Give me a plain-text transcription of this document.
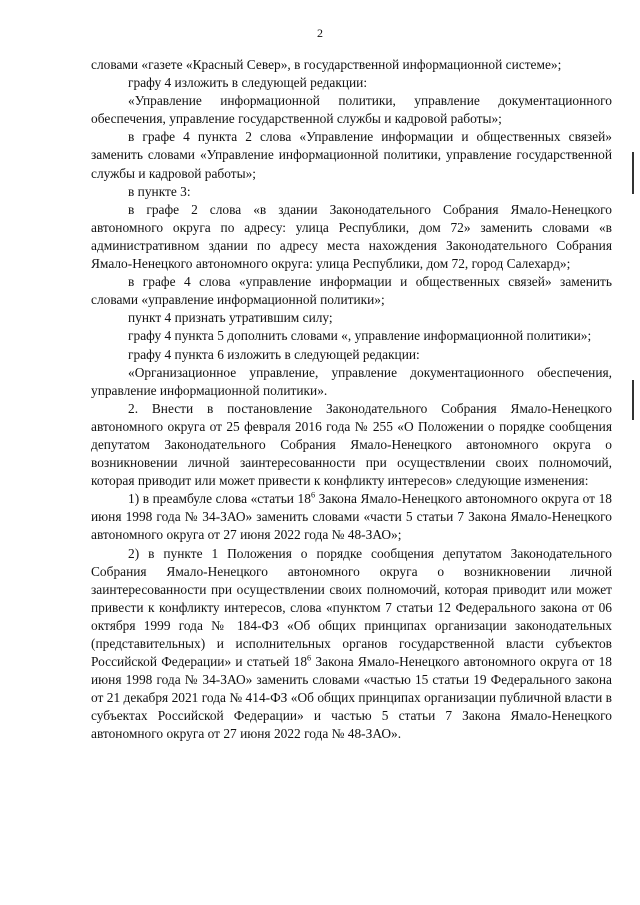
2

словами «газете «Красный Север», в государственной информационной системе»;

графу 4 изложить в следующей редакции:

«Управление информационной политики, управление документационного обеспечения, управление государственной службы и кадровой работы»;

в графе 4 пункта 2 слова «Управление информации и общественных связей» заменить словами «Управление информационной политики, управление государственной службы и кадровой работы»;

в пункте 3:

в графе 2 слова «в здании Законодательного Собрания Ямало-Ненецкого автономного округа по адресу: улица Республики, дом 72» заменить словами «в административном здании по адресу места нахождения Законодательного Собрания Ямало-Ненецкого автономного округа: улица Республики, дом 72, город Салехард»;

в графе 4 слова «управление информации и общественных связей» заменить словами «управление информационной политики»;

пункт 4 признать утратившим силу;

графу 4 пункта 5 дополнить словами «, управление информационной политики»;

графу 4 пункта 6 изложить в следующей редакции:

«Организационное управление, управление документационного обеспечения, управление информационной политики».

2. Внести в постановление Законодательного Собрания Ямало-Ненецкого автономного округа от 25 февраля 2016 года № 255 «О Положении о порядке сообщения депутатом Законодательного Собрания Ямало-Ненецкого автономного округа о возникновении личной заинтересованности при осуществлении своих полномочий, которая приводит или может привести к конфликту интересов» следующие изменения:

1) в преамбуле слова «статьи $18^6$ Закона Ямало-Ненецкого автономного округа от 18 июня 1998 года № 34-ЗАО» заменить словами «части 5 статьи 7 Закона Ямало-Ненецкого автономного округа от 27 июня 2022 года № 48-ЗАО»;

2) в пункте 1 Положения о порядке сообщения депутатом Законодательного Собрания Ямало-Ненецкого автономного округа о возникновении личной заинтересованности при осуществлении своих полномочий, которая приводит или может привести к конфликту интересов, слова «пунктом 7 статьи 12 Федерального закона от 06 октября 1999 года № 184-ФЗ «Об общих принципах организации законодательных (представительных) и исполнительных органов государственной власти субъектов Российской Федерации» и статьей $18^6$ Закона Ямало-Ненецкого автономного округа от 18 июня 1998 года № 34-ЗАО» заменить словами «частью 15 статьи 19 Федерального закона от 21 декабря 2021 года № 414-ФЗ «Об общих принципах организации публичной власти в субъектах Российской Федерации» и частью 5 статьи 7 Закона Ямало-Ненецкого автономного округа от 27 июня 2022 года № 48-ЗАО».
